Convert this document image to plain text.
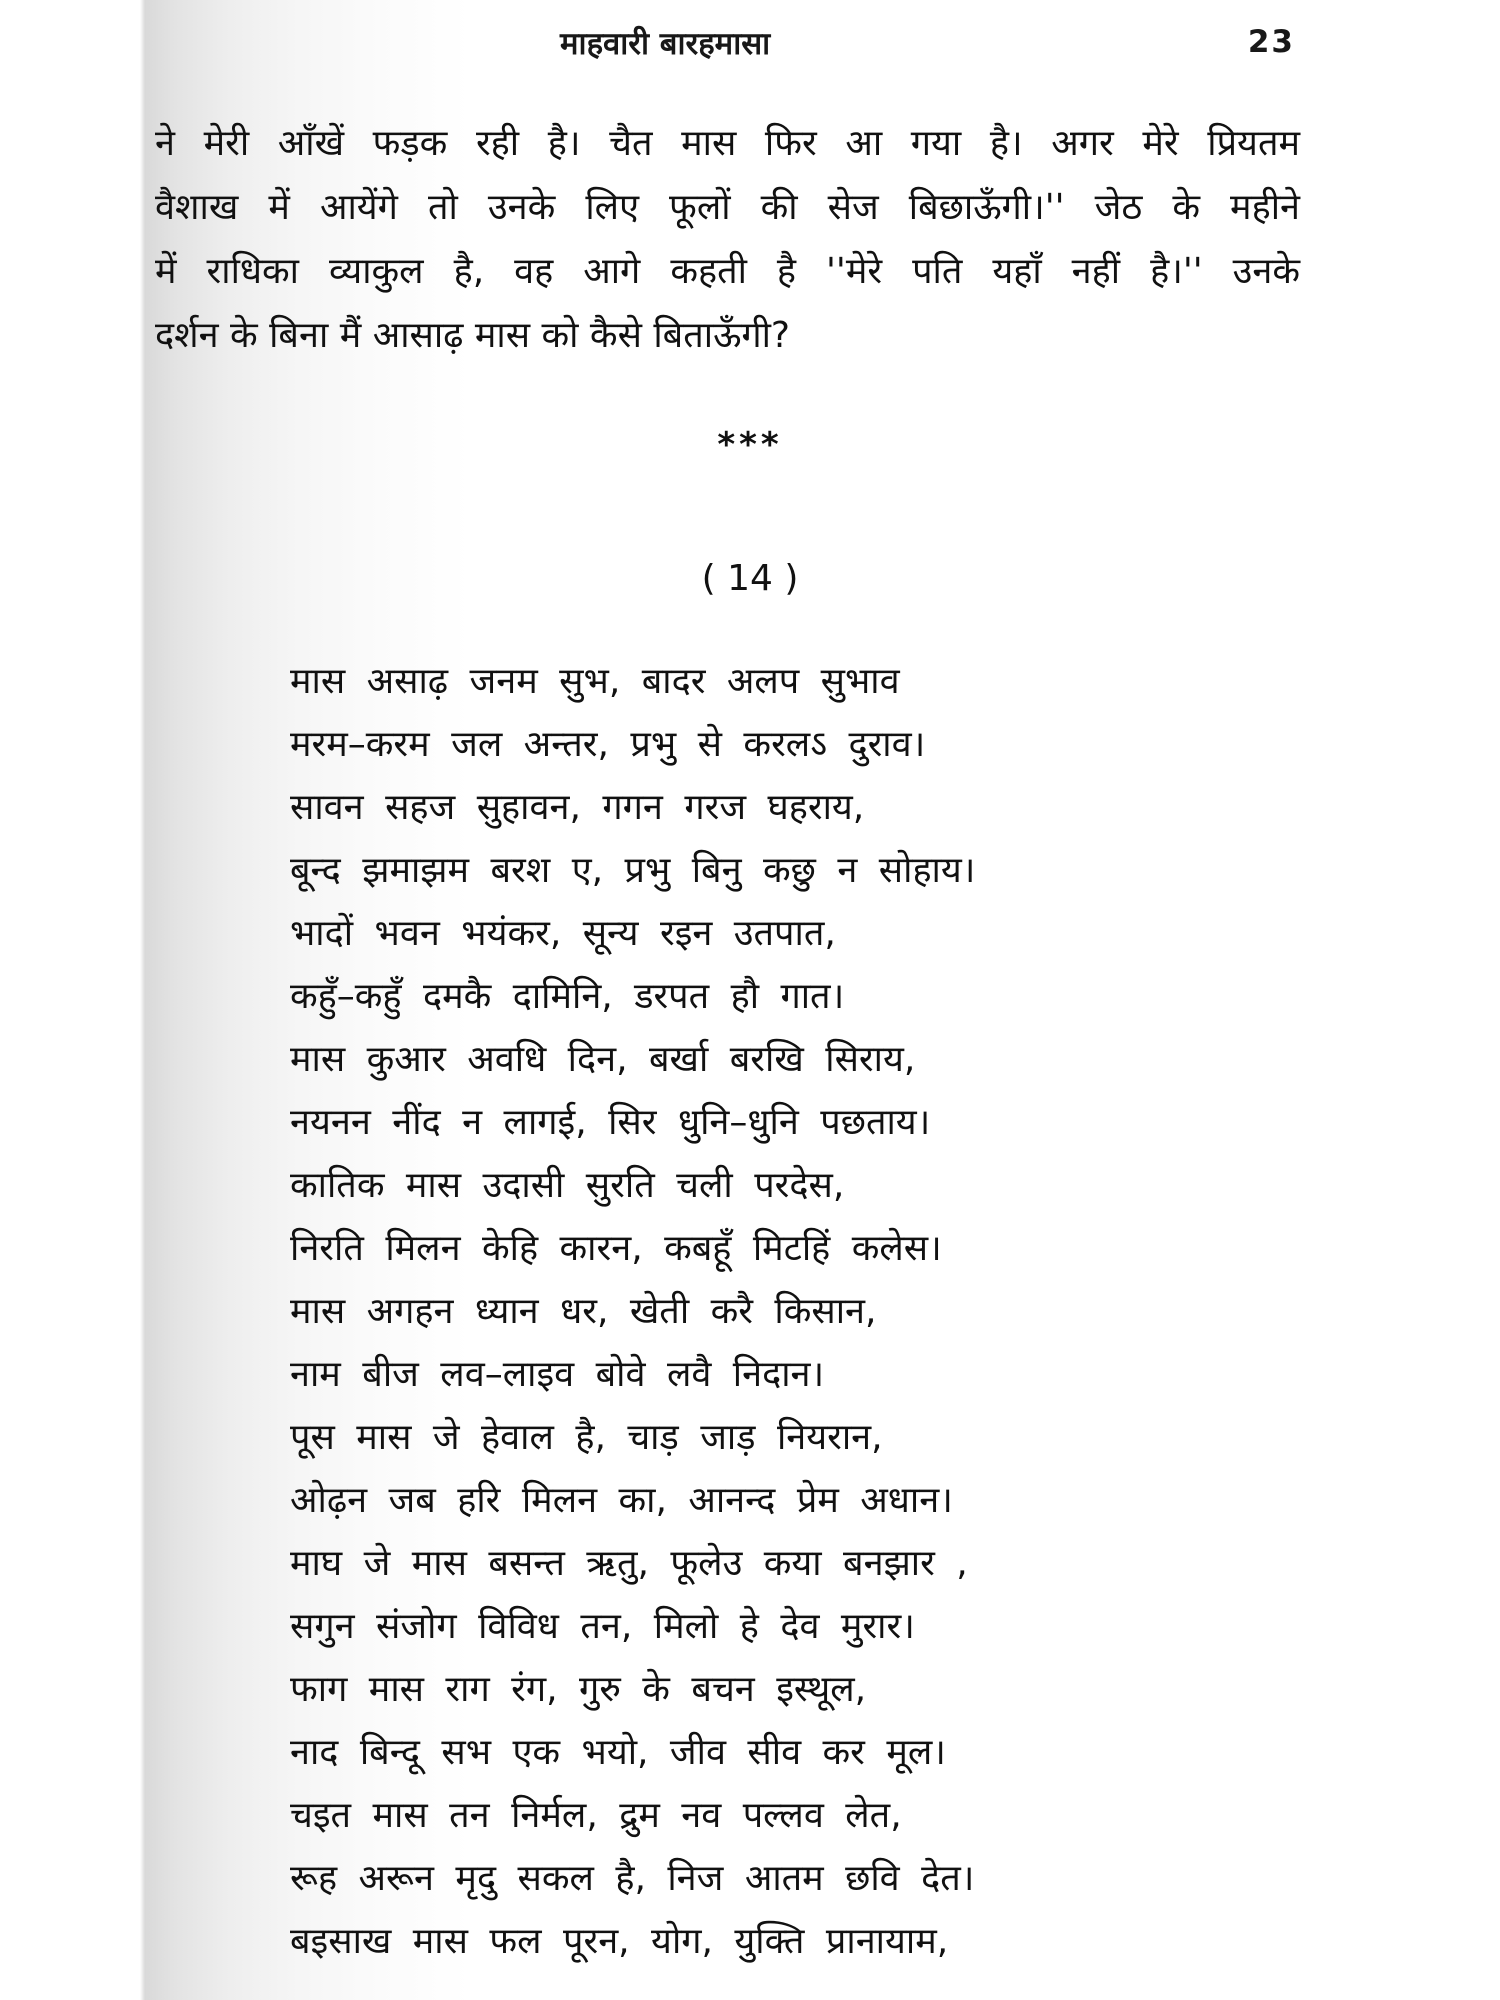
माहवारी बारहमासा	23
ने मेरी आँखें फड़क रही है। चैत मास फिर आ गया है। अगर मेरे प्रियतम
वैशाख में आयेंगे तो उनके लिए फूलों की सेज बिछाऊँगी।'' जेठ के महीने
में राधिका व्याकुल है, वह आगे कहती है ''मेरे पति यहाँ नहीं है।'' उनके
दर्शन के बिना मैं आसाढ़ मास को कैसे बिताऊँगी?
***
( 14 )
मास असाढ़ जनम सुभ, बादर अलप सुभाव
मरम–करम जल अन्तर, प्रभु से करलऽ दुराव।
सावन सहज सुहावन, गगन गरज घहराय,
बून्द झमाझम बरश ए, प्रभु बिनु कछु न सोहाय।
भादों भवन भयंकर, सून्य रइन उतपात,
कहुँ–कहुँ दमकै दामिनि, डरपत हौ गात।
मास कुआर अवधि दिन, बर्खा बरखि सिराय,
नयनन नींद न लागई, सिर धुनि–धुनि पछताय।
कातिक मास उदासी सुरति चली परदेस,
निरति मिलन केहि कारन, कबहूँ मिटहिं कलेस।
मास अगहन ध्यान धर, खेती करै किसान,
नाम बीज लव–लाइव बोवे लवै निदान।
पूस मास जे हेवाल है, चाड़ जाड़ नियरान,
ओढ़न जब हरि मिलन का, आनन्द प्रेम अधान।
माघ जे मास बसन्त ऋतु, फूलेउ कया बनझार ,
सगुन संजोग विविध तन, मिलो हे देव मुरार।
फाग मास राग रंग, गुरु के बचन इस्थूल,
नाद बिन्दू सभ एक भयो, जीव सीव कर मूल।
चइत मास तन निर्मल, द्रुम नव पल्लव लेत,
रूह अरून मृदु सकल है, निज आतम छवि देत।
बइसाख मास फल पूरन, योग, युक्ति प्रानायाम,
